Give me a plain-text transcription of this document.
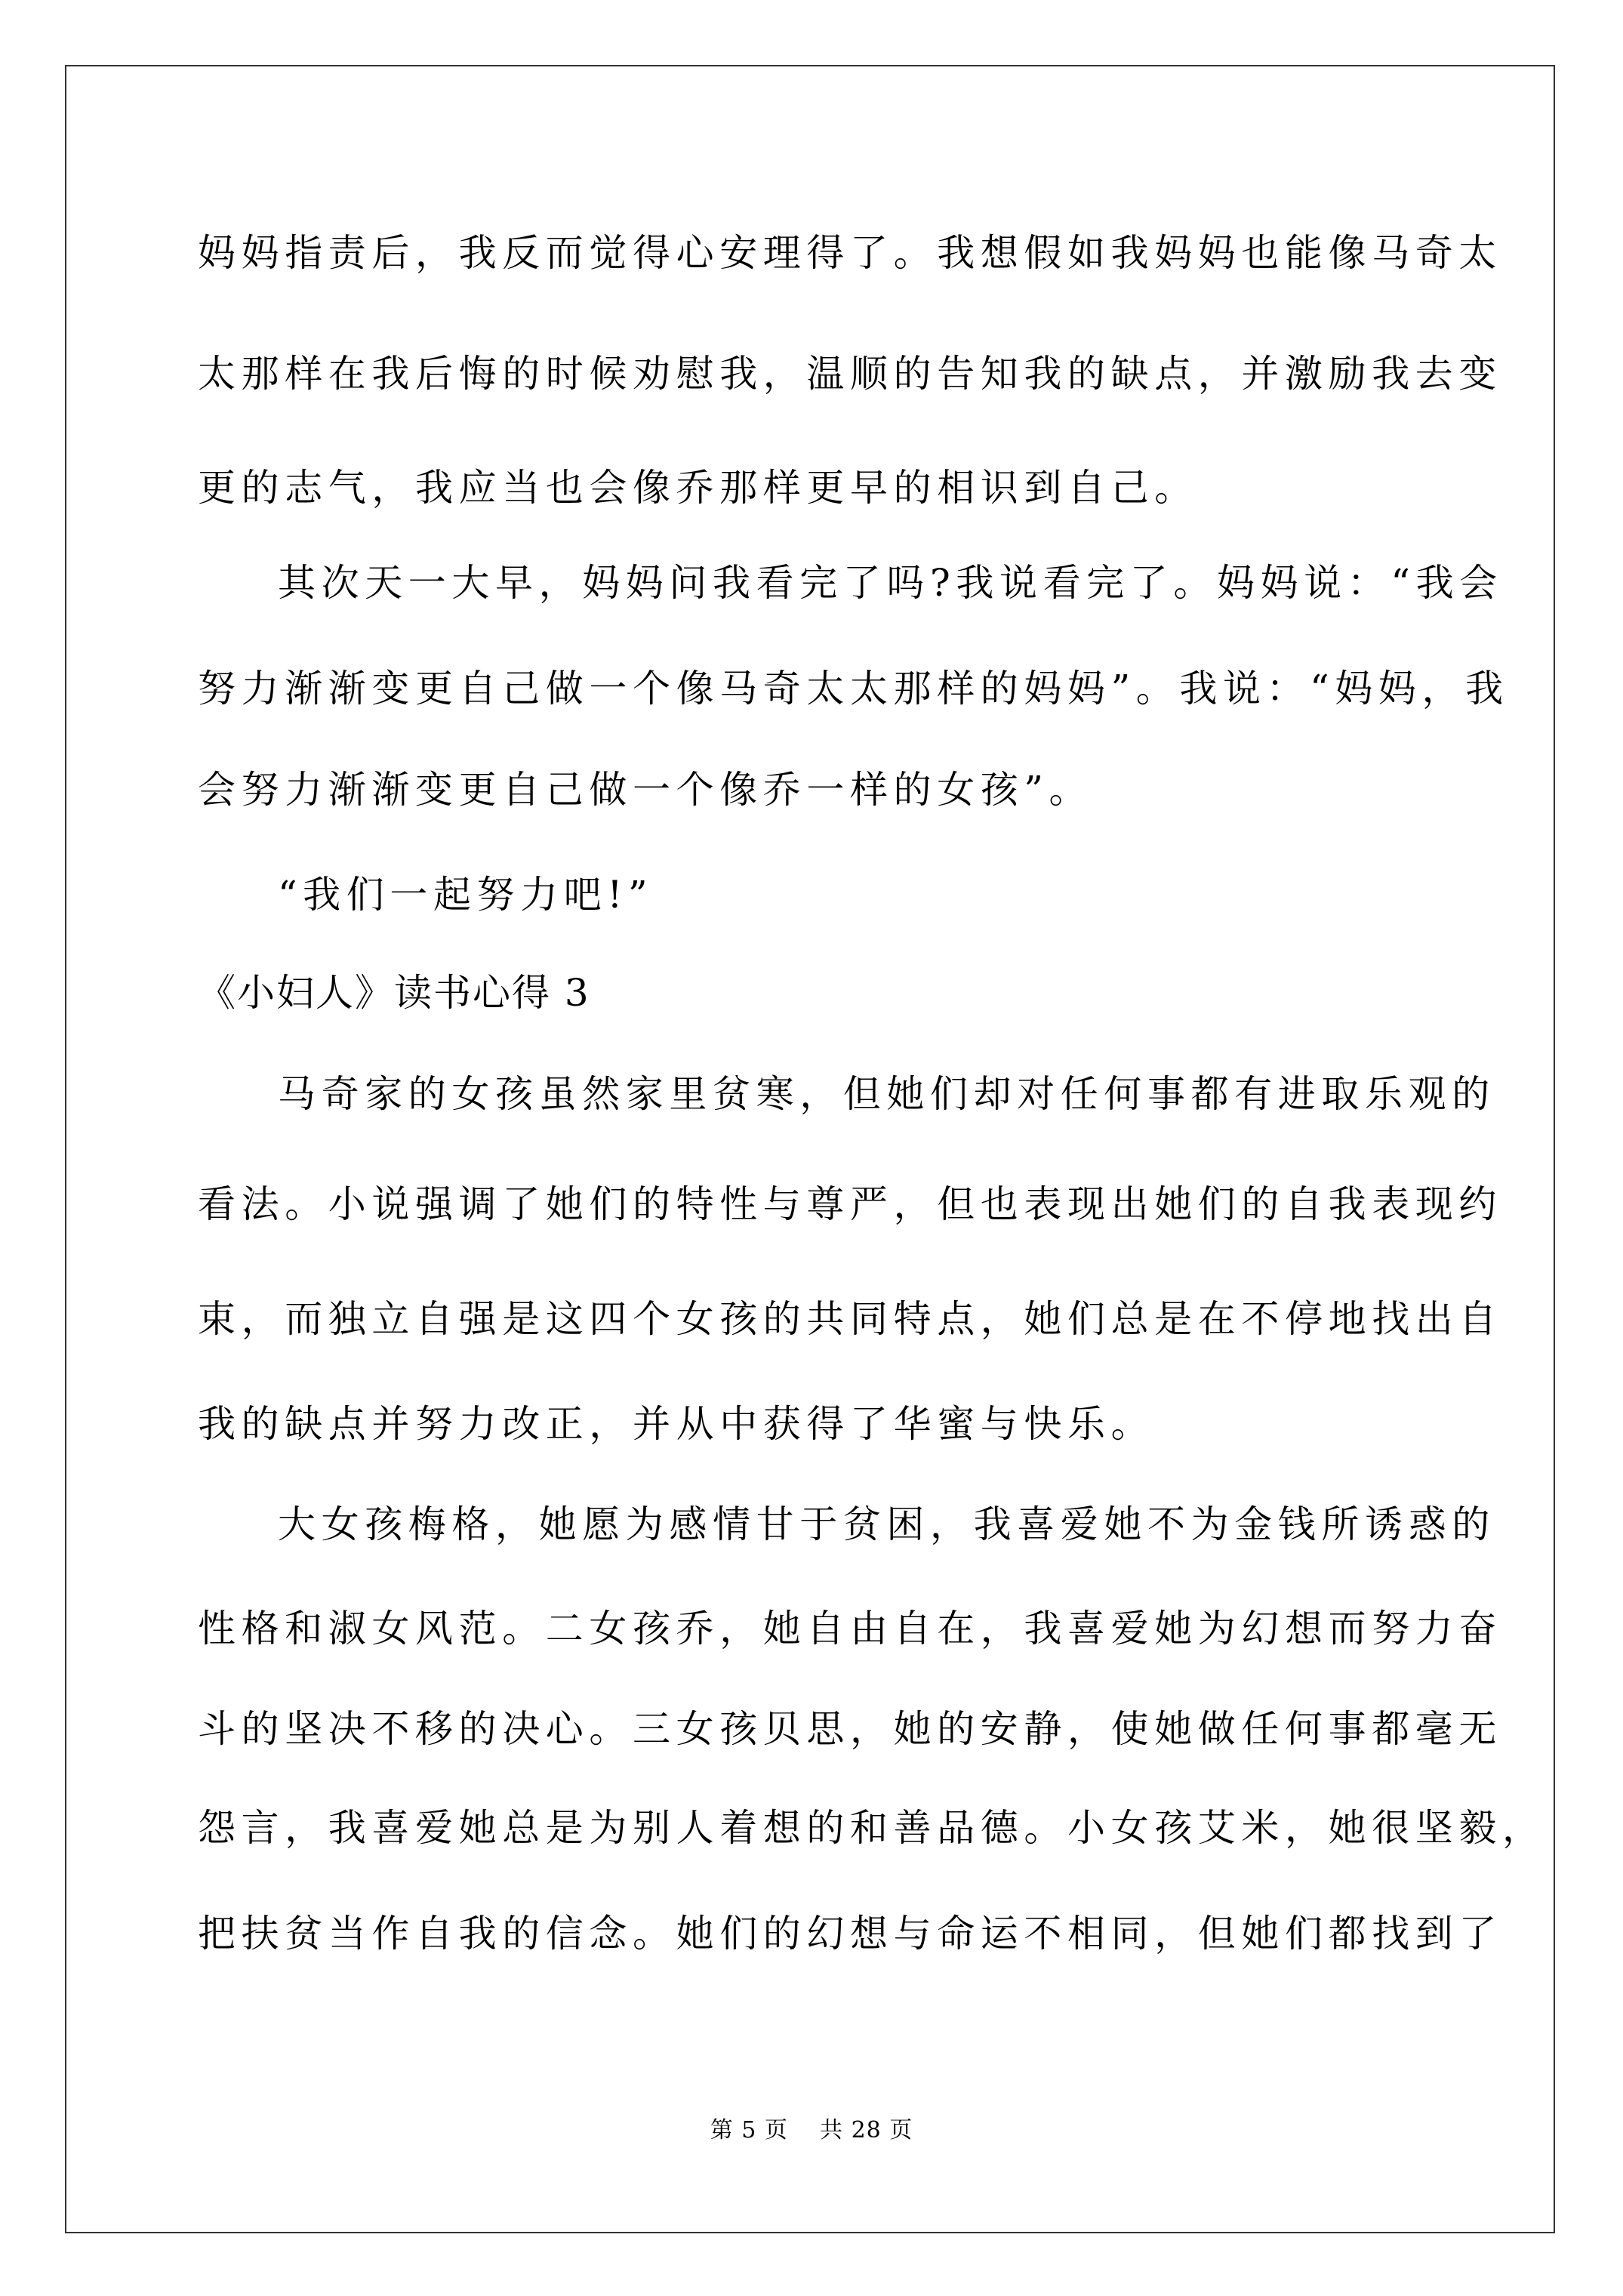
妈妈指责后，我反而觉得心安理得了。我想假如我妈妈也能像马奇太
太那样在我后悔的时候劝慰我，温顺的告知我的缺点，并激励我去变
更的志气，我应当也会像乔那样更早的相识到自己。
其次天一大早，妈妈问我看完了吗?我说看完了。妈妈说：“我会
努力渐渐变更自己做一个像马奇太太那样的妈妈”。我说：“妈妈，我
会努力渐渐变更自己做一个像乔一样的女孩”。
“我们一起努力吧!”
《小妇人》读书心得 3
马奇家的女孩虽然家里贫寒，但她们却对任何事都有进取乐观的
看法。小说强调了她们的特性与尊严，但也表现出她们的自我表现约
束，而独立自强是这四个女孩的共同特点，她们总是在不停地找出自
我的缺点并努力改正，并从中获得了华蜜与快乐。
大女孩梅格，她愿为感情甘于贫困，我喜爱她不为金钱所诱惑的
性格和淑女风范。二女孩乔，她自由自在，我喜爱她为幻想而努力奋
斗的坚决不移的决心。三女孩贝思，她的安静，使她做任何事都毫无
怨言，我喜爱她总是为别人着想的和善品德。小女孩艾米，她很坚毅，
把扶贫当作自我的信念。她们的幻想与命运不相同，但她们都找到了
第 5 页 共 28 页
